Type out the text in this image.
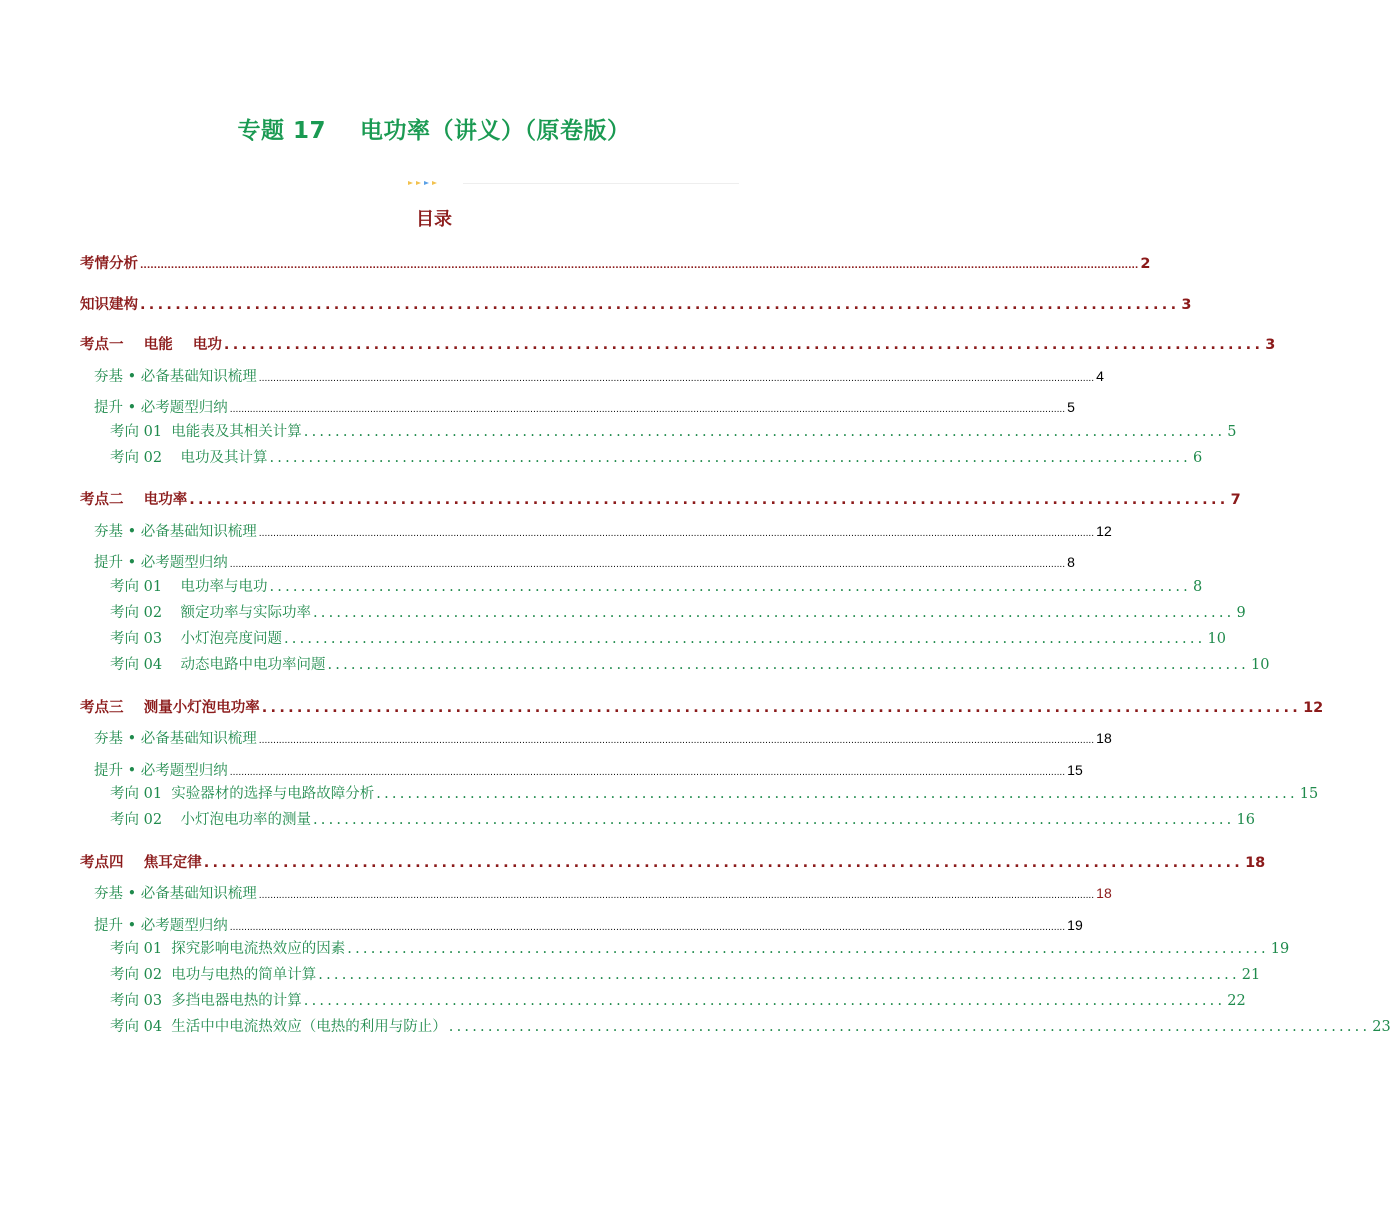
专题 17    电功率（讲义）（原卷版）
目录
考情分析 .................................................................................................................................................................................................................................................................................................... 2
知识建构 ...................................................................................................................... 3
考点一    电能    电功 ...................................................................................................................... 3
夯基 • 必备基础知识梳理 .................................................................................................................................................................................................................................................................................................... 4
提升 • 必考题型归纳 .................................................................................................................................................................................................................................................................................................... 5
考向 01  电能表及其相关计算 ...................................................................................................................... 5
考向 02    电功及其计算 ...................................................................................................................... 6
考点二    电功率 ...................................................................................................................... 7
夯基 • 必备基础知识梳理 .................................................................................................................................................................................................................................................................................................... 12
提升 • 必考题型归纳 .................................................................................................................................................................................................................................................................................................... 8
考向 01    电功率与电功 ...................................................................................................................... 8
考向 02    额定功率与实际功率 ...................................................................................................................... 9
考向 03    小灯泡亮度问题 ...................................................................................................................... 10
考向 04    动态电路中电功率问题 ...................................................................................................................... 10
考点三    测量小灯泡电功率 ...................................................................................................................... 12
夯基 • 必备基础知识梳理 .................................................................................................................................................................................................................................................................................................... 18
提升 • 必考题型归纳 .................................................................................................................................................................................................................................................................................................... 15
考向 01  实验器材的选择与电路故障分析 ...................................................................................................................... 15
考向 02    小灯泡电功率的测量 ...................................................................................................................... 16
考点四    焦耳定律 ...................................................................................................................... 18
夯基 • 必备基础知识梳理 .................................................................................................................................................................................................................................................................................................... 18
提升 • 必考题型归纳 .................................................................................................................................................................................................................................................................................................... 19
考向 01  探究影响电流热效应的因素 ...................................................................................................................... 19
考向 02  电功与电热的简单计算 ...................................................................................................................... 21
考向 03  多挡电器电热的计算 ...................................................................................................................... 22
考向 04  生活中中电流热效应（电热的利用与防止） ...................................................................................................................... 23
